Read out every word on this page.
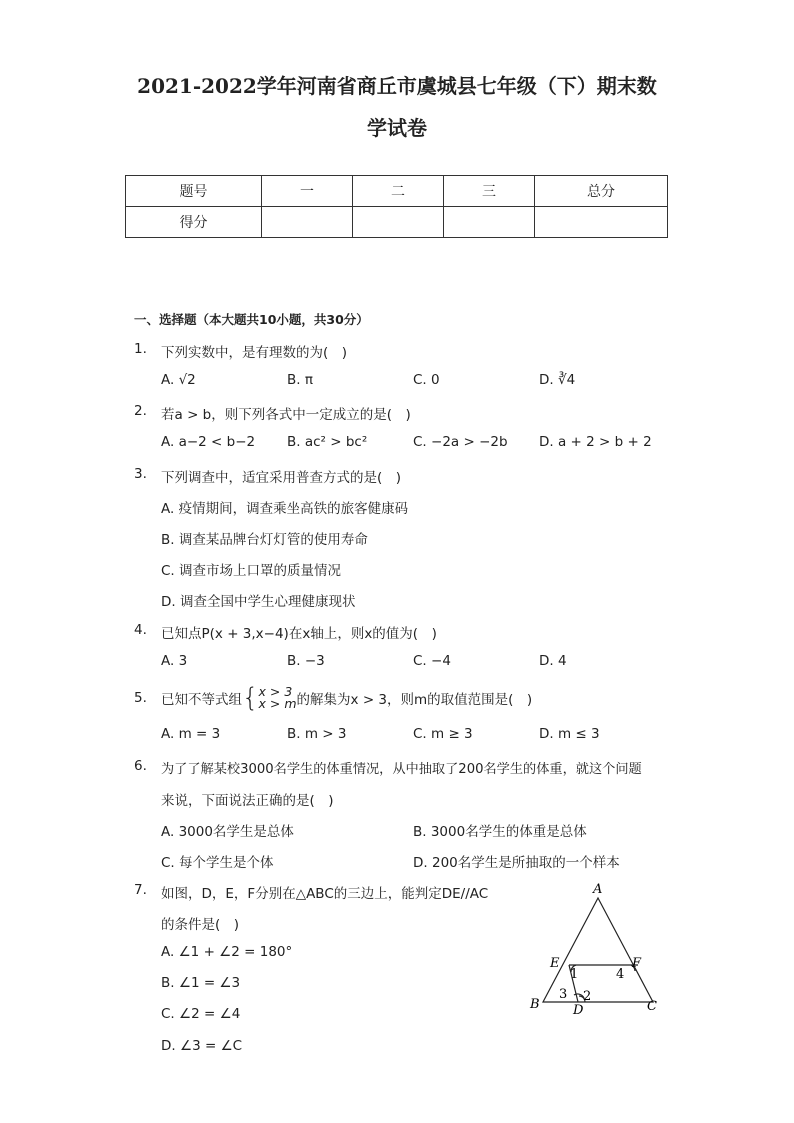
2021-2022学年河南省商丘市虞城县七年级（下）期末数
学试卷
题号	一	二	三	总分
得分				
一、选择题（本大题共10小题，共30分）
1. 下列实数中，是有理数的为(　)
A. √2	B. π	C. 0	D. ∛4
2. 若a > b，则下列各式中一定成立的是(　)
A. a−2 < b−2 B. ac² > bc²	C. −2a > −2b D. a + 2 > b + 2
3. 下列调查中，适宜采用普查方式的是(　)
A. 疫情期间，调查乘坐高铁的旅客健康码
B. 调查某品牌台灯灯管的使用寿命
C. 调查市场上口罩的质量情况
D. 调查全国中学生心理健康现状
4. 已知点P(x + 3,x−4)在x轴上，则x的值为(　)
A. 3	B. −3	C. −4	D. 4
5. 已知不等式组 { x > 3
x > m 的解集为x > 3，则m的取值范围是(　)
A. m = 3	B. m > 3	C. m ≥ 3	D. m ≤ 3
6. 为了了解某校3000名学生的体重情况，从中抽取了200名学生的体重，就这个问题
来说，下面说法正确的是(　)
A. 3000名学生是总体	B. 3000名学生的体重是总体
C. 每个学生是个体	D. 200名学生是所抽取的一个样本
7. 如图，D，E，F分别在△ABC的三边上，能判定DE//AC
的条件是(　)
A. ∠1 + ∠2 = 180°
B. ∠1 = ∠3
C. ∠2 = ∠4
D. ∠3 = ∠C
A
B	C
D
E	F
1	4
3 2
